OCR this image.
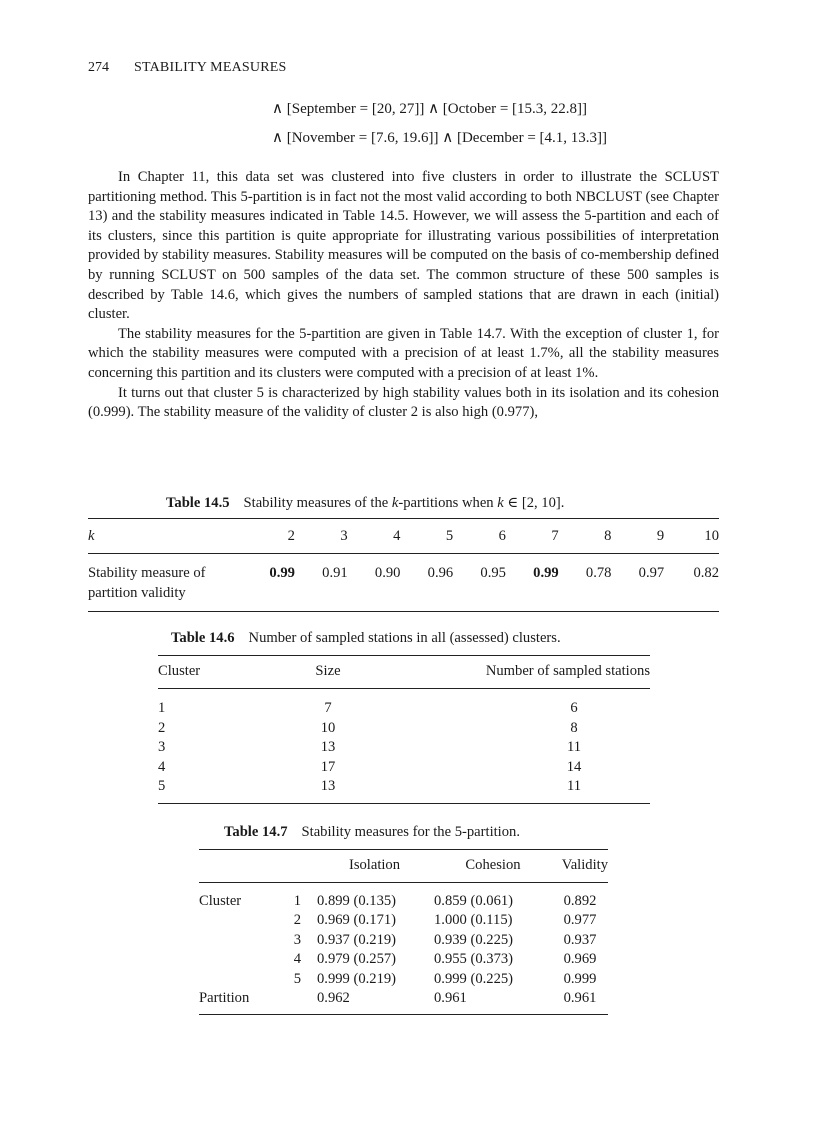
274 STABILITY MEASURES
∧ [September = [20, 27]] ∧ [October = [15.3, 22.8]]
∧ [November = [7.6, 19.6]] ∧ [December = [4.1, 13.3]]

In Chapter 11, this data set was clustered into five clusters in order to illustrate the SCLUST partitioning method. This 5-partition is in fact not the most valid according to both NBCLUST (see Chapter 13) and the stability measures indicated in Table 14.5. However, we will assess the 5-partition and each of its clusters, since this partition is quite appropriate for illustrating various possibilities of interpretation provided by stability measures. Stability measures will be computed on the basis of co-membership defined by running SCLUST on 500 samples of the data set. The common structure of these 500 samples is described by Table 14.6, which gives the numbers of sampled stations that are drawn in each (initial) cluster.

The stability measures for the 5-partition are given in Table 14.7. With the exception of cluster 1, for which the stability measures were computed with a precision of at least 1.7%, all the stability measures concerning this partition and its clusters were computed with a precision of at least 1%.

It turns out that cluster 5 is characterized by high stability values both in its isolation and its cohesion (0.999). The stability measure of the validity of cluster 2 is also high (0.977),

Table 14.5 Stability measures of the k-partitions when k ∈ [2, 10].
k	2	3	4	5	6	7	8	9	10
Stability measure of
partition validity	0.99	0.91	0.90	0.96	0.95	0.99	0.78	0.97	0.82
Table 14.6 Number of sampled stations in all (assessed) clusters.
Cluster	Size	Number of sampled stations
1	7	6
2	10	8
3	13	11
4	17	14
5	13	11
Table 14.7 Stability measures for the 5-partition.
		Isolation	Cohesion	Validity
Cluster	1	0.899 (0.135)	0.859 (0.061)	0.892
	2	0.969 (0.171)	1.000 (0.115)	0.977
	3	0.937 (0.219)	0.939 (0.225)	0.937
	4	0.979 (0.257)	0.955 (0.373)	0.969
	5	0.999 (0.219)	0.999 (0.225)	0.999
Partition		0.962	0.961	0.961
